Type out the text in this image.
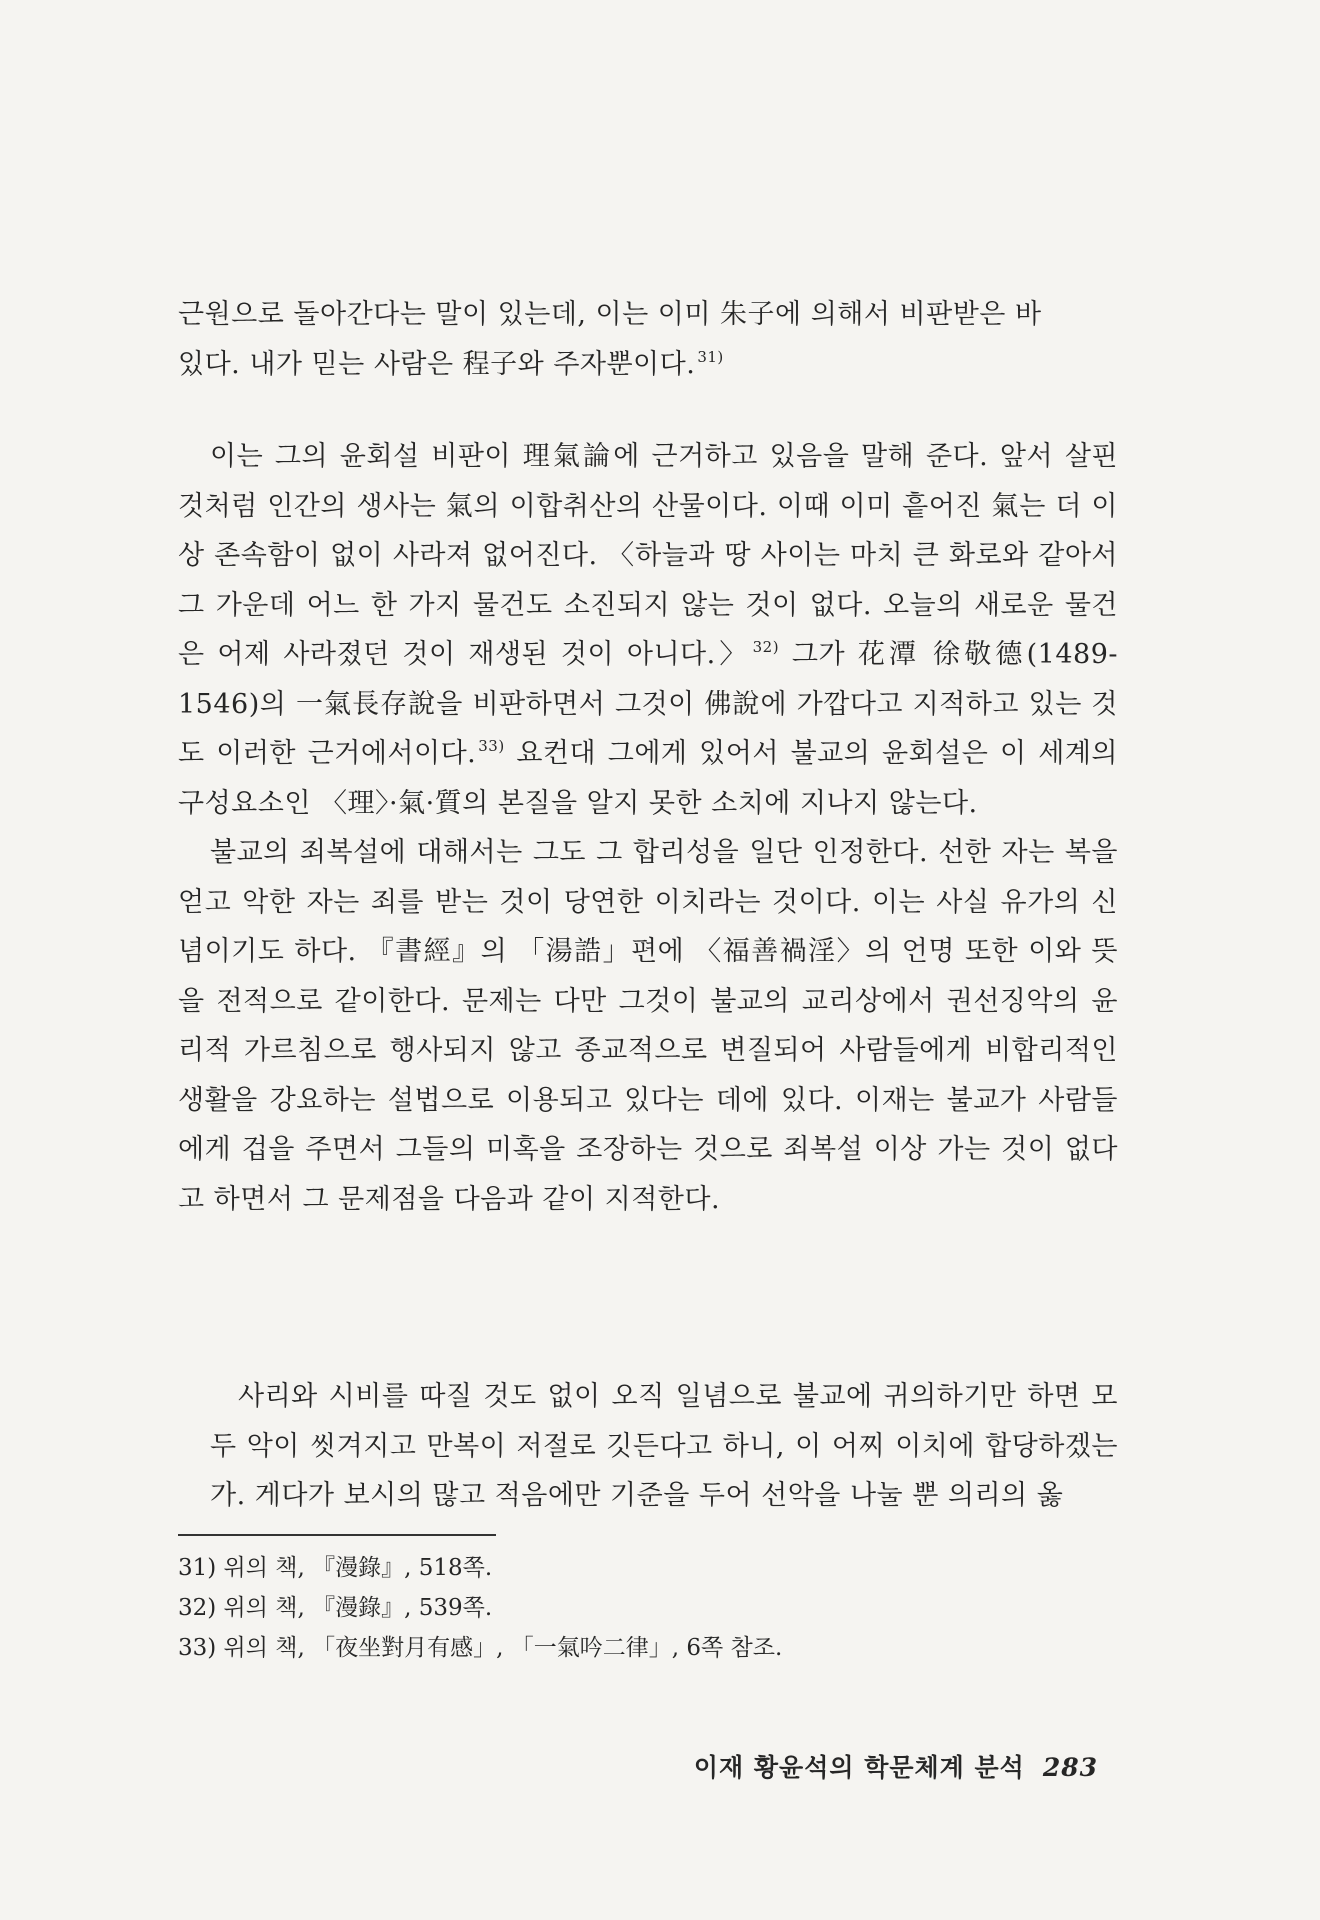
근원으로 돌아간다는 말이 있는데, 이는 이미 朱子에 의해서 비판받은 바

있다. 내가 믿는 사람은 程子와 주자뿐이다. $^{31)}$

이는 그의 윤회설 비판이 理氣論에 근거하고 있음을 말해 준다. 앞서 살핀 것처럼 인간의 생사는 氣의 이합취산의 산물이다. 이때 이미 흩어진 氣는 더 이상 존속함이 없이 사라져 없어진다. 〈하늘과 땅 사이는 마치 큰 화로와 같아서 그 가운데 어느 한 가지 물건도 소진되지 않는 것이 없다. 오늘의 새로운 물건은 어제 사라졌던 것이 재생된 것이 아니다.〉 $^{32)}$ 그가 花潭 徐敬德(1489-1546)의 一氣長存說을 비판하면서 그것이 佛說에 가깝다고 지적하고 있는 것도 이러한 근거에서이다. $^{33)}$ 요컨대 그에게 있어서 불교의 윤회설은 이 세계의 구성요소인 〈理〉·氣·質의 본질을 알지 못한 소치에 지나지 않는다.

불교의 죄복설에 대해서는 그도 그 합리성을 일단 인정한다. 선한 자는 복을 얻고 악한 자는 죄를 받는 것이 당연한 이치라는 것이다. 이는 사실 유가의 신념이기도 하다. 『書經』의 「湯誥」편에 〈福善禍淫〉의 언명 또한 이와 뜻을 전적으로 같이한다. 문제는 다만 그것이 불교의 교리상에서 권선징악의 윤리적 가르침으로 행사되지 않고 종교적으로 변질되어 사람들에게 비합리적인 생활을 강요하는 설법으로 이용되고 있다는 데에 있다. 이재는 불교가 사람들에게 겁을 주면서 그들의 미혹을 조장하는 것으로 죄복설 이상 가는 것이 없다고 하면서 그 문제점을 다음과 같이 지적한다.

사리와 시비를 따질 것도 없이 오직 일념으로 불교에 귀의하기만 하면 모두 악이 씻겨지고 만복이 저절로 깃든다고 하니, 이 어찌 이치에 합당하겠는가. 게다가 보시의 많고 적음에만 기준을 두어 선악을 나눌 뿐 의리의 옳

31) 위의 책, 『漫錄』, 518쪽.
32) 위의 책, 『漫錄』, 539쪽.
33) 위의 책, 「夜坐對月有感」, 「一氣吟二律」, 6쪽 참조.
이재 황윤석의 학문체계 분석 283
